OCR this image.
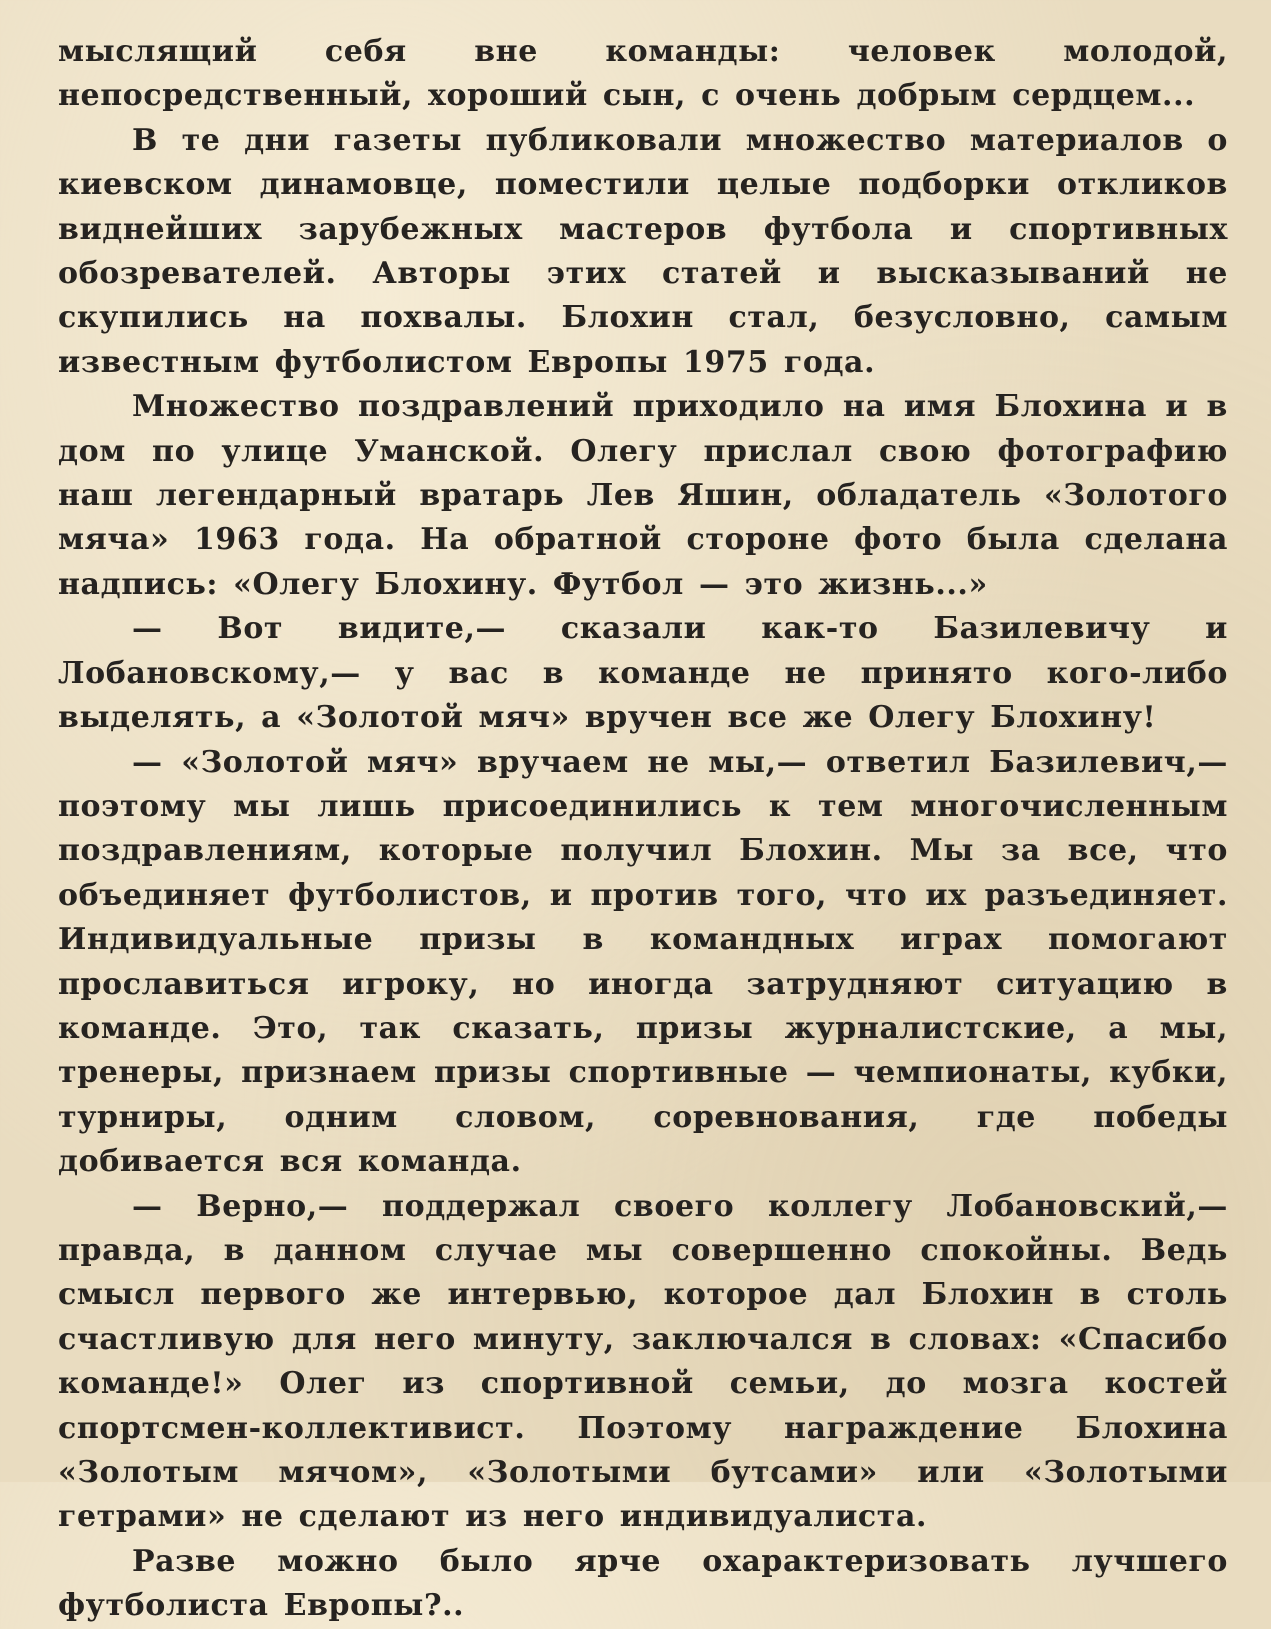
мыслящий себя вне команды: человек молодой, непосредственный, хороший сын, с очень добрым сердцем...

В те дни газеты публиковали множество материалов о киевском динамовце, поместили целые подборки откликов виднейших зарубежных мастеров футбола и спортивных обозревателей. Авторы этих статей и высказываний не скупились на похвалы. Блохин стал, безусловно, самым известным футболистом Европы 1975 года.

Множество поздравлений приходило на имя Блохина и в дом по улице Уманской. Олегу прислал свою фотографию наш легендарный вратарь Лев Яшин, обладатель «Золотого мяча» 1963 года. На обратной стороне фото была сделана надпись: «Олегу Блохину. Футбол — это жизнь...»

— Вот видите,— сказали как-то Базилевичу и Лобановскому,— у вас в команде не принято кого-либо выделять, а «Золотой мяч» вручен все же Олегу Блохину!

— «Золотой мяч» вручаем не мы,— ответил Базилевич,— поэтому мы лишь присоединились к тем многочисленным поздравлениям, которые получил Блохин. Мы за все, что объединяет футболистов, и против того, что их разъединяет. Индивидуальные призы в командных играх помогают прославиться игроку, но иногда затрудняют ситуацию в команде. Это, так сказать, призы журналистские, а мы, тренеры, признаем призы спортивные — чемпионаты, кубки, турниры, одним словом, соревнования, где победы добивается вся команда.

— Верно,— поддержал своего коллегу Лобановский,— правда, в данном случае мы совершенно спокойны. Ведь смысл первого же интервью, которое дал Блохин в столь счастливую для него минуту, заключался в словах: «Спасибо команде!» Олег из спортивной семьи, до мозга костей спортсмен-коллективист. Поэтому награждение Блохина «Золотым мячом», «Золотыми бутсами» или «Золотыми гетрами» не сделают из него индивидуалиста.

Разве можно было ярче охарактеризовать лучшего футболиста Европы?..
